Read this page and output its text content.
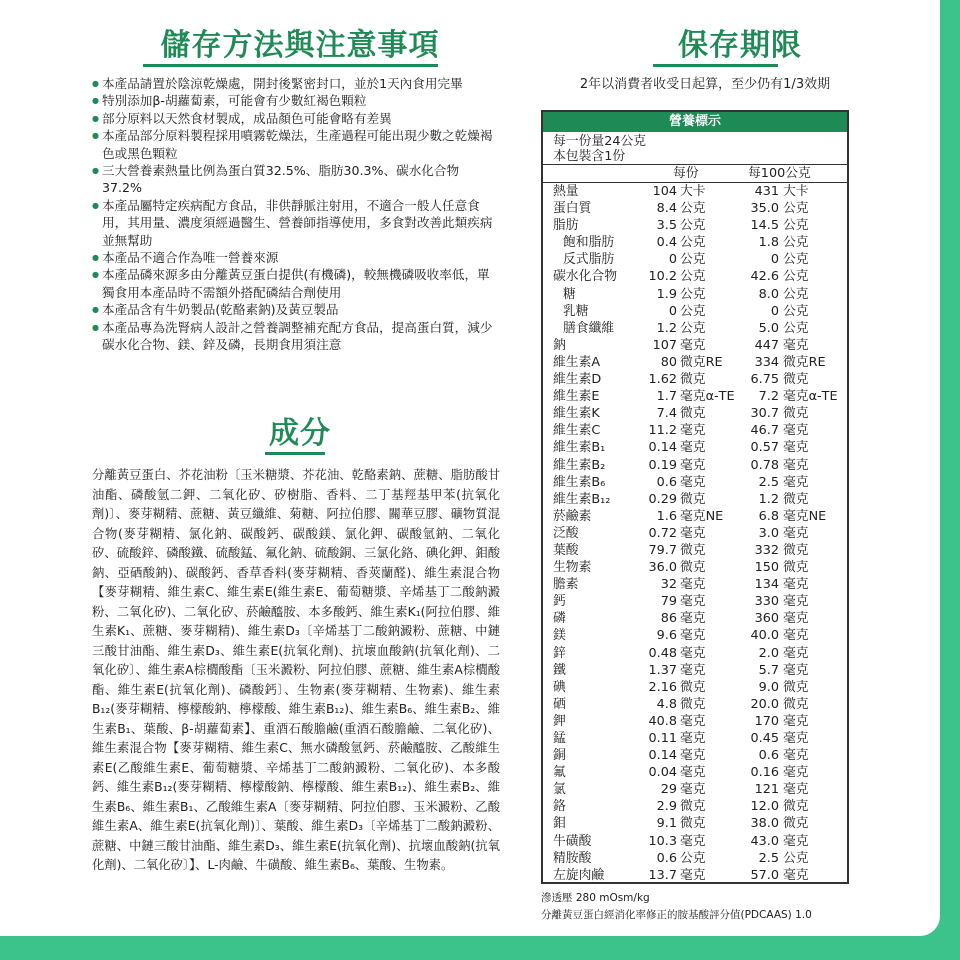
儲存方法與注意事項	保存期限
● 本產品請置於陰涼乾燥處，開封後緊密封口，並於1天內食用完畢
● 特別添加β-胡蘿蔔素，可能會有少數紅褐色顆粒
● 部分原料以天然食材製成，成品顏色可能會略有差異
● 本產品部分原料製程採用噴霧乾燥法，生產過程可能出現少數之乾燥褐色或黑色顆粒
● 三大營養素熱量比例為蛋白質32.5%、脂肪30.3%、碳水化合物37.2%
● 本產品屬特定疾病配方食品，非供靜脈注射用，不適合一般人任意食用，其用量、濃度須經過醫生、營養師指導使用，多食對改善此類疾病並無幫助
● 本產品不適合作為唯一營養來源
● 本產品磷來源多由分離黃豆蛋白提供(有機磷)，較無機磷吸收率低，單獨食用本產品時不需額外搭配磷結合劑使用
● 本產品含有牛奶製品(乾酪素鈉)及黃豆製品
● 本產品專為洗腎病人設計之營養調整補充配方食品，提高蛋白質，減少碳水化合物、鎂、鋅及磷，長期食用須注意
2年以消費者收受日起算，至少仍有1/3效期
成分
分離黃豆蛋白、芥花油粉〔玉米糖漿、芥花油、乾酪素鈉、蔗糖、脂肪酸甘油酯、磷酸氫二鉀、二氧化矽、矽樹脂、香料、二丁基羥基甲苯(抗氧化劑)〕、麥芽糊精、蔗糖、黃豆纖維、菊糖、阿拉伯膠、關華豆膠、礦物質混合物(麥芽糊精、氯化鈉、碳酸鈣、碳酸鎂、氯化鉀、碳酸氫鈉、二氧化矽、硫酸鋅、磷酸鐵、硫酸錳、氟化鈉、硫酸銅、三氯化鉻、碘化鉀、鉬酸鈉、亞硒酸鈉)、碳酸鈣、香草香料(麥芽糊精、香莢蘭醛)、維生素混合物【麥芽糊精、維生素C、維生素E(維生素E、葡萄糖漿、辛烯基丁二酸鈉澱粉、二氧化矽)、二氧化矽、菸鹼醯胺、本多酸鈣、維生素K₁(阿拉伯膠、維生素K₁、蔗糖、麥芽糊精)、維生素D₃〔辛烯基丁二酸鈉澱粉、蔗糖、中鏈三酸甘油酯、維生素D₃、維生素E(抗氧化劑)、抗壞血酸鈉(抗氧化劑)、二氧化矽〕、維生素A棕櫚酸酯〔玉米澱粉、阿拉伯膠、蔗糖、維生素A棕櫚酸酯、維生素E(抗氧化劑)、磷酸鈣〕、生物素(麥芽糊精、生物素)、維生素B₁₂(麥芽糊精、檸檬酸鈉、檸檬酸、維生素B₁₂)、維生素B₆、維生素B₂、維生素B₁、葉酸、β-胡蘿蔔素】、重酒石酸膽鹼(重酒石酸膽鹼、二氧化矽)、維生素混合物【麥芽糊精、維生素C、無水磷酸氫鈣、菸鹼醯胺、乙酸維生素E(乙酸維生素E、葡萄糖漿、辛烯基丁二酸鈉澱粉、二氧化矽)、本多酸鈣、維生素B₁₂(麥芽糊精、檸檬酸鈉、檸檬酸、維生素B₁₂)、維生素B₂、維生素B₆、維生素B₁、乙酸維生素A〔麥芽糊精、阿拉伯膠、玉米澱粉、乙酸維生素A、維生素E(抗氧化劑)〕、葉酸、維生素D₃〔辛烯基丁二酸鈉澱粉、蔗糖、中鏈三酸甘油酯、維生素D₃、維生素E(抗氧化劑)、抗壞血酸鈉(抗氧化劑)、二氧化矽〕】、L-肉鹼、牛磺酸、維生素B₆、葉酸、生物素。
營養標示
每一份量24公克
本包裝含1份
每份	每100公克
熱量	104 大卡	431 大卡
蛋白質	8.4 公克	35.0 公克
脂肪	3.5 公克	14.5 公克
飽和脂肪	0.4 公克	1.8 公克
反式脂肪	0 公克	0 公克
碳水化合物	10.2 公克	42.6 公克
糖	1.9 公克	8.0 公克
乳糖	0 公克	0 公克
膳食纖維	1.2 公克	5.0 公克
鈉	107 毫克	447 毫克
維生素A	80 微克RE	334 微克RE
維生素D	1.62 微克	6.75 微克
維生素E	1.7 毫克α-TE	7.2 毫克α-TE
維生素K	7.4 微克	30.7 微克
維生素C	11.2 毫克	46.7 毫克
維生素B₁	0.14 毫克	0.57 毫克
維生素B₂	0.19 毫克	0.78 毫克
維生素B₆	0.6 毫克	2.5 毫克
維生素B₁₂	0.29 微克	1.2 微克
菸鹼素	1.6 毫克NE	6.8 毫克NE
泛酸	0.72 毫克	3.0 毫克
葉酸	79.7 微克	332 微克
生物素	36.0 微克	150 微克
膽素	32 毫克	134 毫克
鈣	79 毫克	330 毫克
磷	86 毫克	360 毫克
鎂	9.6 毫克	40.0 毫克
鋅	0.48 毫克	2.0 毫克
鐵	1.37 毫克	5.7 毫克
碘	2.16 微克	9.0 微克
硒	4.8 微克	20.0 微克
鉀	40.8 毫克	170 毫克
錳	0.11 毫克	0.45 毫克
銅	0.14 毫克	0.6 毫克
氟	0.04 毫克	0.16 毫克
氯	29 毫克	121 毫克
鉻	2.9 微克	12.0 微克
鉬	9.1 微克	38.0 微克
牛磺酸	10.3 毫克	43.0 毫克
精胺酸	0.6 公克	2.5 公克
左旋肉鹼	13.7 毫克	57.0 毫克
滲透壓 280 mOsm/kg
分離黃豆蛋白經消化率修正的胺基酸評分值(PDCAAS) 1.0
